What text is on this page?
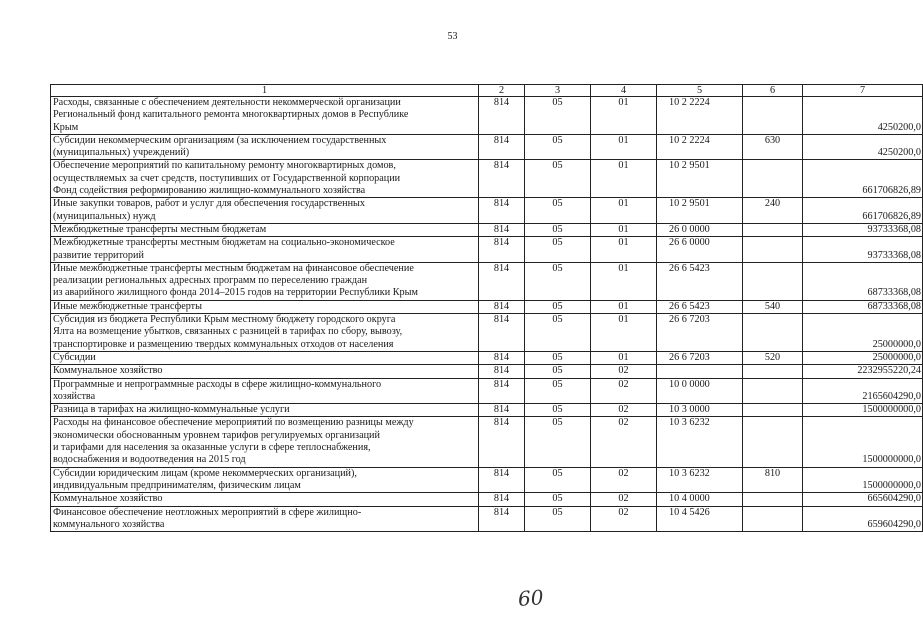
53
1	2	3	4	5	6	7

Расходы, связанные с обеспечением деятельности некоммерческой организации
Региональный фонд капитального ремонта многоквартирных домов в Республике
Крым	814	05	01	10 2 2224		4250200,0

Субсидии некоммерческим организациям (за исключением государственных
(муниципальных) учреждений)	814	05	01	10 2 2224	630	4250200,0

Обеспечение мероприятий по капитальному ремонту многоквартирных домов,
осуществляемых за счет средств, поступивших от Государственной корпорации
Фонд содействия реформированию жилищно-коммунального хозяйства	814	05	01	10 2 9501		661706826,89

Иные закупки товаров, работ и услуг для обеспечения государственных
(муниципальных) нужд	814	05	01	10 2 9501	240	661706826,89

Межбюджетные трансферты местным бюджетам	814	05	01	26 0 0000		93733368,08

Межбюджетные трансферты местным бюджетам на социально-экономическое
развитие территорий	814	05	01	26 6 0000		93733368,08

Иные межбюджетные трансферты местным бюджетам на финансовое обеспечение
реализации региональных адресных программ по переселению граждан
из аварийного жилищного фонда 2014–2015 годов на территории Республики Крым	814	05	01	26 6 5423		68733368,08

Иные межбюджетные трансферты	814	05	01	26 6 5423	540	68733368,08

Субсидия из бюджета Республики Крым местному бюджету городского округа
Ялта на возмещение убытков, связанных с разницей в тарифах по сбору, вывозу,
транспортировке и размещению твердых коммунальных отходов от населения	814	05	01	26 6 7203		25000000,0

Субсидии	814	05	01	26 6 7203	520	25000000,0

Коммунальное хозяйство	814	05	02			2232955220,24

Программные и непрограммные расходы в сфере жилищно-коммунального
хозяйства	814	05	02	10 0 0000		2165604290,0

Разница в тарифах на жилищно-коммунальные услуги	814	05	02	10 3 0000		1500000000,0

Расходы на финансовое обеспечение мероприятий по возмещению разницы между
экономически обоснованным уровнем тарифов регулируемых организаций
и тарифами для населения за оказанные услуги в сфере теплоснабжения,
водоснабжения и водоотведения на 2015 год	814	05	02	10 3 6232		1500000000,0

Субсидии юридическим лицам (кроме некоммерческих организаций),
индивидуальным предпринимателям, физическим лицам	814	05	02	10 3 6232	810	1500000000,0

Коммунальное хозяйство	814	05	02	10 4 0000		665604290,0

Финансовое обеспечение неотложных мероприятий в сфере жилищно-
коммунального хозяйства	814	05	02	10 4 5426		659604290,0
60
